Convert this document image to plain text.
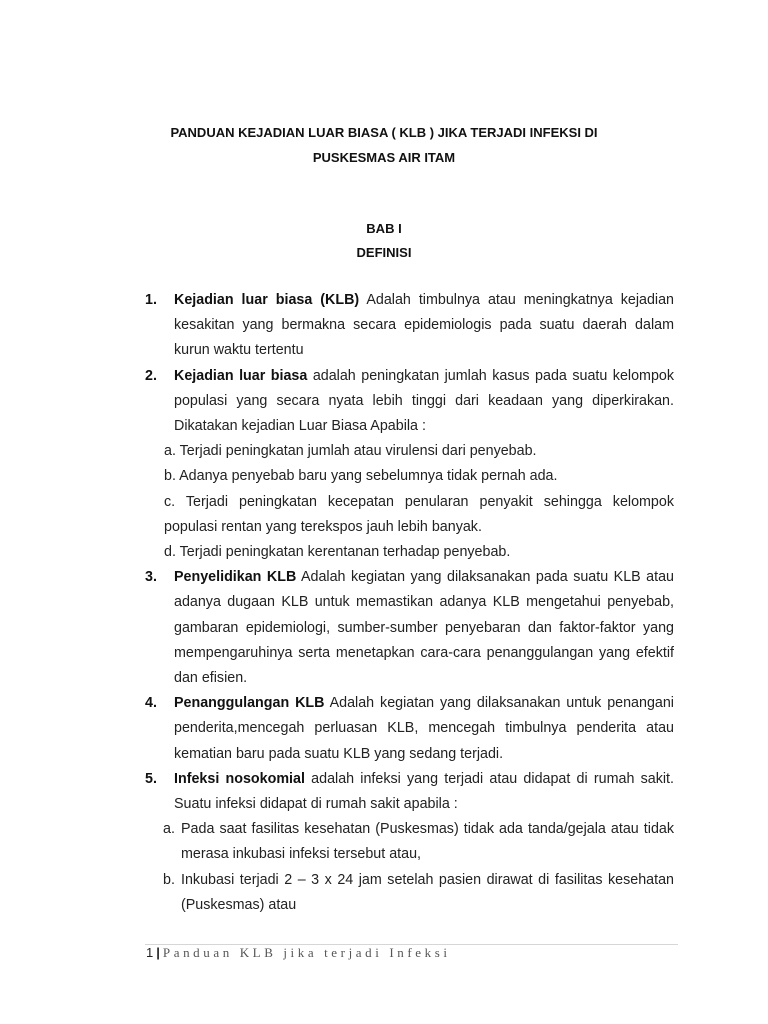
PANDUAN KEJADIAN LUAR BIASA ( KLB ) JIKA TERJADI INFEKSI DI
PUSKESMAS AIR ITAM
BAB I
DEFINISI
1. Kejadian luar biasa (KLB) Adalah timbulnya atau meningkatnya kejadian kesakitan yang bermakna secara epidemiologis pada suatu daerah dalam kurun waktu tertentu

2. Kejadian luar biasa adalah peningkatan jumlah kasus pada suatu kelompok populasi yang secara nyata lebih tinggi dari keadaan yang diperkirakan. Dikatakan kejadian Luar Biasa Apabila :

a. Terjadi peningkatan jumlah atau virulensi dari penyebab.

b. Adanya penyebab baru yang sebelumnya tidak pernah ada.

c. Terjadi peningkatan kecepatan penularan penyakit sehingga kelompok populasi rentan yang terekspos jauh lebih banyak.

d. Terjadi peningkatan kerentanan terhadap penyebab.

3. Penyelidikan KLB Adalah kegiatan yang dilaksanakan pada suatu KLB atau adanya dugaan KLB untuk memastikan adanya KLB mengetahui penyebab, gambaran epidemiologi, sumber-sumber penyebaran dan faktor-faktor yang mempengaruhinya serta menetapkan cara-cara penanggulangan yang efektif dan efisien.

4. Penanggulangan KLB Adalah kegiatan yang dilaksanakan untuk penangani penderita,mencegah perluasan KLB, mencegah timbulnya penderita atau kematian baru pada suatu KLB yang sedang terjadi.

5. Infeksi nosokomial adalah infeksi yang terjadi atau didapat di rumah sakit. Suatu infeksi didapat di rumah sakit apabila :

a. Pada saat fasilitas kesehatan (Puskesmas) tidak ada tanda/gejala atau tidak merasa inkubasi infeksi tersebut atau,

b. Inkubasi terjadi 2 – 3 x 24 jam setelah pasien dirawat di fasilitas kesehatan (Puskesmas) atau

1 | Panduan KLB jika terjadi Infeksi
